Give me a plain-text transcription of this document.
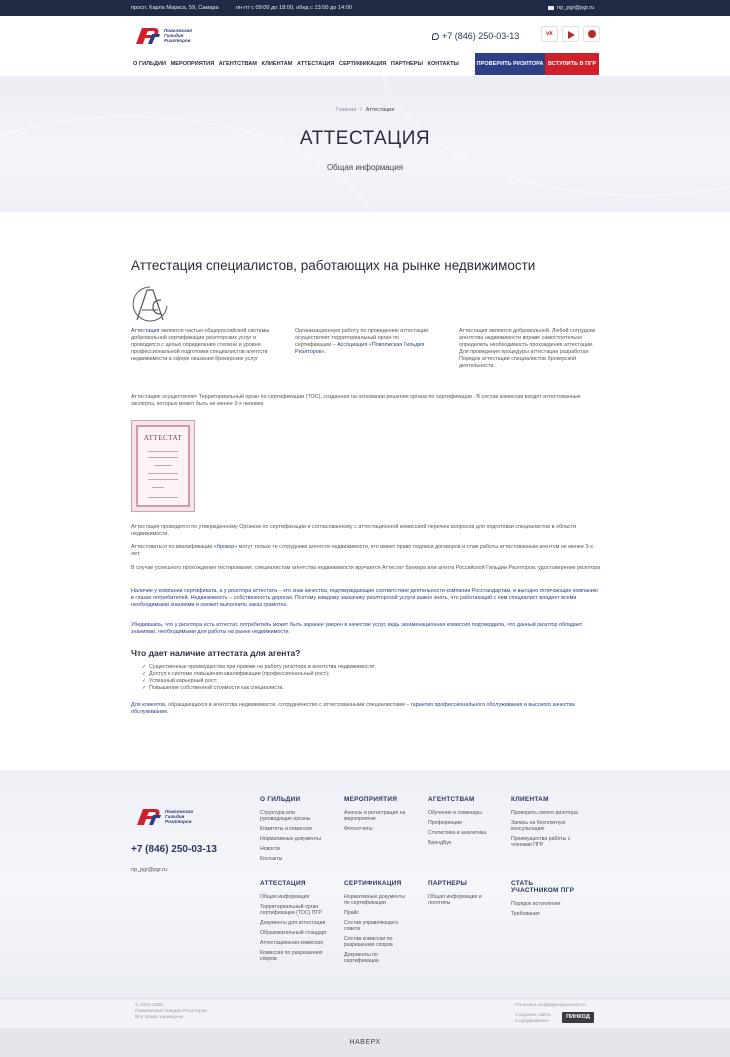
просп. Карла Маркса, 59, Самара	пн-пт с 09:00 до 18:00, обед с 13:00 до 14:00	np_pgr@pgr.ru
Поволжская
Гильдия
Риэлторов	+7 (846) 250-03-13	vk
О ГИЛЬДИИ МЕРОПРИЯТИЯ АГЕНТСТВАМ КЛИЕНТАМ АТТЕСТАЦИЯ СЕРТИФИКАЦИЯ ПАРТНЕРЫ КОНТАКТЫ	ПРОВЕРИТЬ РИЭЛТОРА ВСТУПИТЬ В ПГР
Главная / Аттестация
АТТЕСТАЦИЯ
Общая информация
Аттестация специалистов, работающих на рынке недвижимости
Аттестация является частью общероссийской системы добровольной сертификации риэлторских услуг и проводится с целью определения степени и уровня профессиональной подготовки специалистов агентств недвижимости в сфере оказания брокерских услуг
Организационную работу по проведению аттестации осуществляет территориальный орган по сертификации – Ассоциация «Поволжская Гильдия Риэлторов».
Аттестация является добровольной. Любой сотрудник агентства недвижимости вправе самостоятельно определить необходимость прохождения аттестации. Для проведения процедуры аттестации разработан Порядок аттестации специалистов брокерской деятельности.
Аттестацию осуществляет Территориальный орган по сертификации (ТОС), созданная на основании решения органа по сертификации . В состав комиссии входят аттестованные эксперты, которых может быть не менее 3-х человек.
АТТЕСТАТ
Аттестация проводится по утвержденному Органом по сертификации и согласованному с аттестационной комиссией перечню вопросов для подготовки специалистов в области недвижимости.
Аттестоваться по квалификации «брокер» могут только те сотрудники агентств недвижимости, кто имеет право подписи договоров и стаж работы аттестованным агентом не менее 3-х лет.
В случае успешного прохождения тестирования, специалистам агентства недвижимости вручается Аттестат брокера или агента Российской Гильдии Риэлторов, удостоверение риэлтора
Наличие у компании сертификата, а у риэлтора аттестата – это знак качества, подтверждающие соответствие деятельности компании Росстандартам, и выгодно отличающие компанию в глазах потребителей. Недвижимость – собственность дорогая. Поэтому каждому заказчику риэлторской услуги важно знать, что работающий с ним специалист владеет всеми необходимыми знаниями и сможет выполнить заказ грамотно.
Убедившись, что у риэлтора есть аттестат, потребитель может быть заранее уверен в качестве услуг, ведь экзаменационная комиссия подтвердила, что данный риэлтор обладает знаниями, необходимыми для работы на рынке недвижимости.
Что дает наличие аттестата для агента?
✓ Существенные преимущества при приеме на работу риэлтора в агентства недвижимости;
✓ Доступ к системе повышения квалификации (профессиональный рост);
✓ Успешный карьерный рост;
✓ Повышение собственной стоимости как специалиста.
Для клиентов, обращающихся в агентства недвижимости, сотрудничество с аттестованными специалистами – гарантия профессионального обслуживания и высокого качества обслуживания.
Поволжская
Гильдия
Риэлторов
+7 (846) 250-03-13
np_pgr@pgr.ru
О ГИЛЬДИИ
Структура или руководящие органы
Комитеты и комиссии
Нормативные документы
Новости
Контакты
МЕРОПРИЯТИЯ
Анонсы и регистрация на мероприятие
Фотоотчеты
АГЕНТСТВАМ
Обучение и семинары
Преференции
Статистика и аналитика
БрендБук
КЛИЕНТАМ
Проверить своего риэлтора
Запись на бесплатную консультацию
Преимущества работы с членами ПГР
АТТЕСТАЦИЯ
Общая информация
Территориальный орган сертификации (ТОС) ПГР
Документы для аттестации
Образовательный стандарт
Аттестационная комиссия
Комиссия по разрешению споров
СЕРТИФИКАЦИЯ
Нормативные документы по сертификации
Прайс
Состав управляющего совета
Состав комиссии по разрешению споров
Документы по сертификации
ПАРТНЕРЫ
Общая информация и логотипы
СТАТЬ УЧАСТНИКОМ ПГР
Порядок вступления
Требования
© 2022-2025
Поволжская Гильдия Риэлторов
Все права защищены
Политика конфиденциальности
Создание сайта
и продвижение
ПИНКОД
НАВЕРХ
